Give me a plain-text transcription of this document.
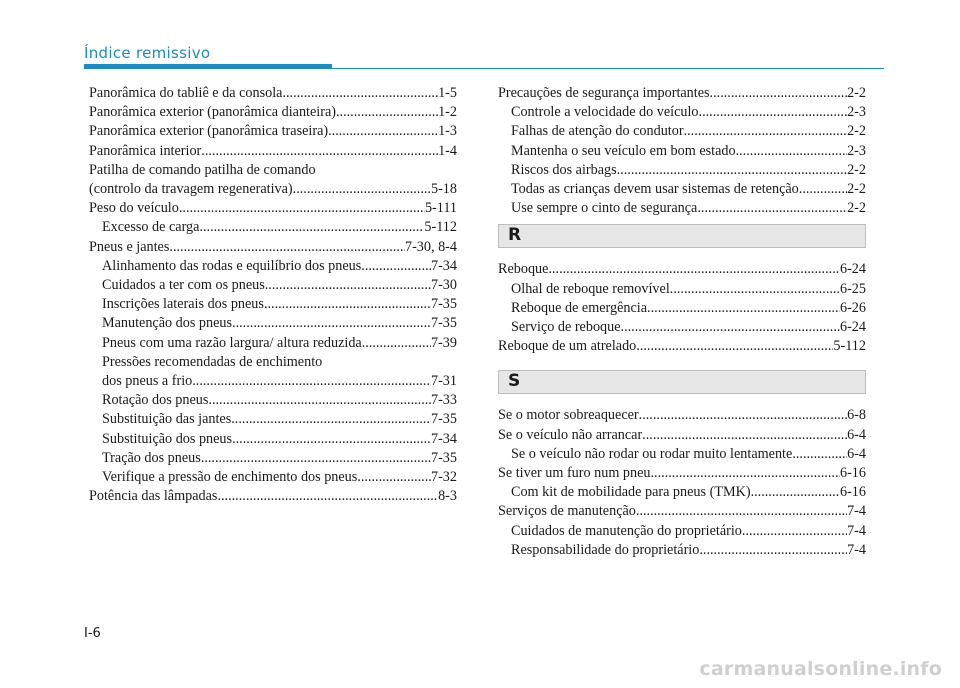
Índice remissivo
Panorâmica do tabliê e da consola .....	1-5
Panorâmica exterior (panorâmica dianteira) .....	1-2
Panorâmica exterior (panorâmica traseira) .....	1-3
Panorâmica interior .....	1-4
Patilha de comando patilha de comando
(controlo da travagem regenerativa) .....	5-18
Peso do veículo .....	5-111
Excesso de carga .....	5-112
Pneus e jantes .....	7-30, 8-4
Alinhamento das rodas e equilíbrio dos pneus .....	7-34
Cuidados a ter com os pneus .....	7-30
Inscrições laterais dos pneus .....	7-35
Manutenção dos pneus .....	7-35
Pneus com uma razão largura/ altura reduzida .....	7-39
Pressões recomendadas de enchimento
dos pneus a frio .....	7-31
Rotação dos pneus .....	7-33
Substituição das jantes .....	7-35
Substituição dos pneus .....	7-34
Tração dos pneus .....	7-35
Verifique a pressão de enchimento dos pneus .....	7-32
Potência das lâmpadas .....	8-3
Precauções de segurança importantes .....	2-2
Controle a velocidade do veículo .....	2-3
Falhas de atenção do condutor .....	2-2
Mantenha o seu veículo em bom estado .....	2-3
Riscos dos airbags .....	2-2
Todas as crianças devem usar sistemas de retenção .....	2-2
Use sempre o cinto de segurança .....	2-2
R
Reboque .....	6-24
Olhal de reboque removível .....	6-25
Reboque de emergência .....	6-26
Serviço de reboque .....	6-24
Reboque de um atrelado .....	5-112
S
Se o motor sobreaquecer .....	6-8
Se o veículo não arrancar .....	6-4
Se o veículo não rodar ou rodar muito lentamente .....	6-4
Se tiver um furo num pneu .....	6-16
Com kit de mobilidade para pneus (TMK) .....	6-16
Serviços de manutenção .....	7-4
Cuidados de manutenção do proprietário .....	7-4
Responsabilidade do proprietário .....	7-4
I-6
carmanualsonline.info
